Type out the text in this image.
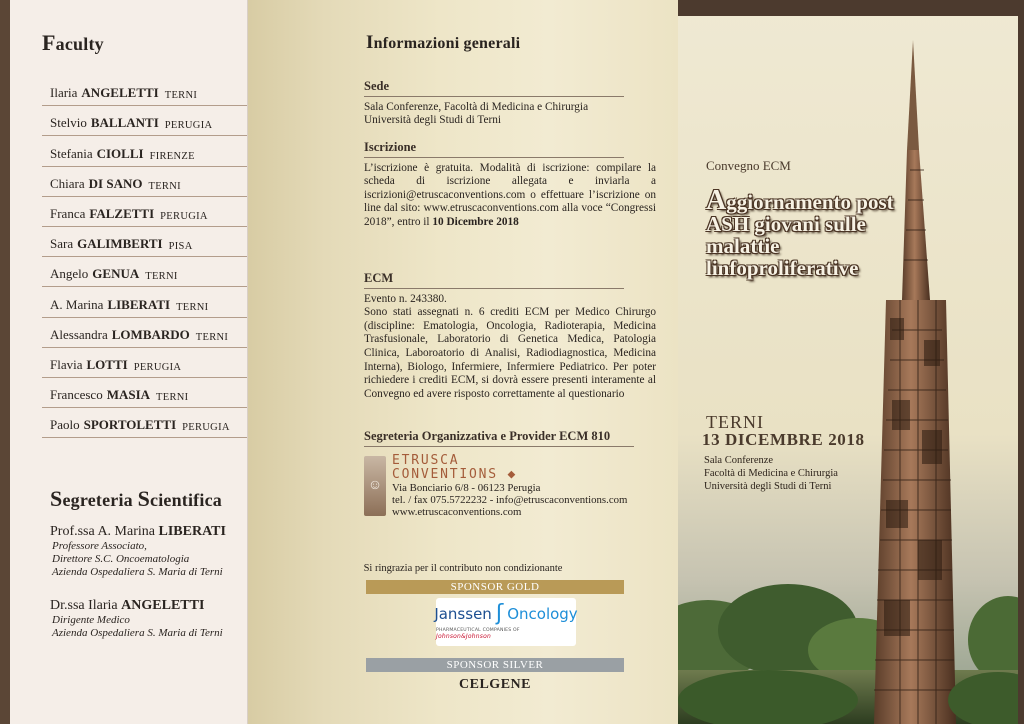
Faculty
Ilaria ANGELETTI TERNI
Stelvio BALLANTI PERUGIA
Stefania CIOLLI FIRENZE
Chiara DI SANO TERNI
Franca FALZETTI PERUGIA
Sara GALIMBERTI PISA
Angelo GENUA TERNI
A. Marina LIBERATI TERNI
Alessandra LOMBARDO TERNI
Flavia LOTTI PERUGIA
Francesco MASIA TERNI
Paolo SPORTOLETTI PERUGIA
Segreteria Scientifica
Prof.ssa A. Marina LIBERATI
Professore Associato,
Direttore S.C. Oncoematologia
Azienda Ospedaliera S. Maria di Terni
Dr.ssa Ilaria ANGELETTI
Dirigente Medico
Azienda Ospedaliera S. Maria di Terni
Informazioni generali
Sede

Sala Conferenze, Facoltà di Medicina e Chirurgia

Università degli Studi di Terni

Iscrizione

L’iscrizione è gratuita. Modalità di iscrizione: compilare la scheda di iscrizione allegata e inviarla a iscrizioni@etruscaconventions.com o effettuare l’iscrizione on line dal sito: www.etruscaconventions.com alla voce “Congressi 2018”, entro il 10 Dicembre 2018

ECM

Evento n. 243380.

Sono stati assegnati n. 6 crediti ECM per Medico Chirurgo (discipline: Ematologia, Oncologia, Radioterapia, Medicina Trasfusionale, Laboratorio di Genetica Medica, Patologia Clinica, Laboroatorio di Analisi, Radiodiagnostica, Medicina Interna), Biologo, Infermiere, Infermiere Pediatrico. Per poter richiedere i crediti ECM, si dovrà essere presenti interamente al Convegno ed avere risposto correttamente al questionario

Segreteria Organizzativa e Provider ECM 810
☺
ETRUSCA
CONVENTIONS ◆
Via Bonciario 6/8 - 06123 Perugia
tel. / fax 075.5722232 - info@etruscaconventions.com
www.etruscaconventions.com
Si ringrazia per il contributo non condizionante
SPONSOR GOLD
Janssen ʃ Oncology
PHARMACEUTICAL COMPANIES OF Johnson&Johnson
SPONSOR SILVER
CELGENE
Convegno ECM
Aggiornamento post ASH giovani sulle malattie linfoproliferative
TERNI
13 DICEMBRE 2018
Sala Conferenze
Facoltà di Medicina e Chirurgia
Università degli Studi di Terni
